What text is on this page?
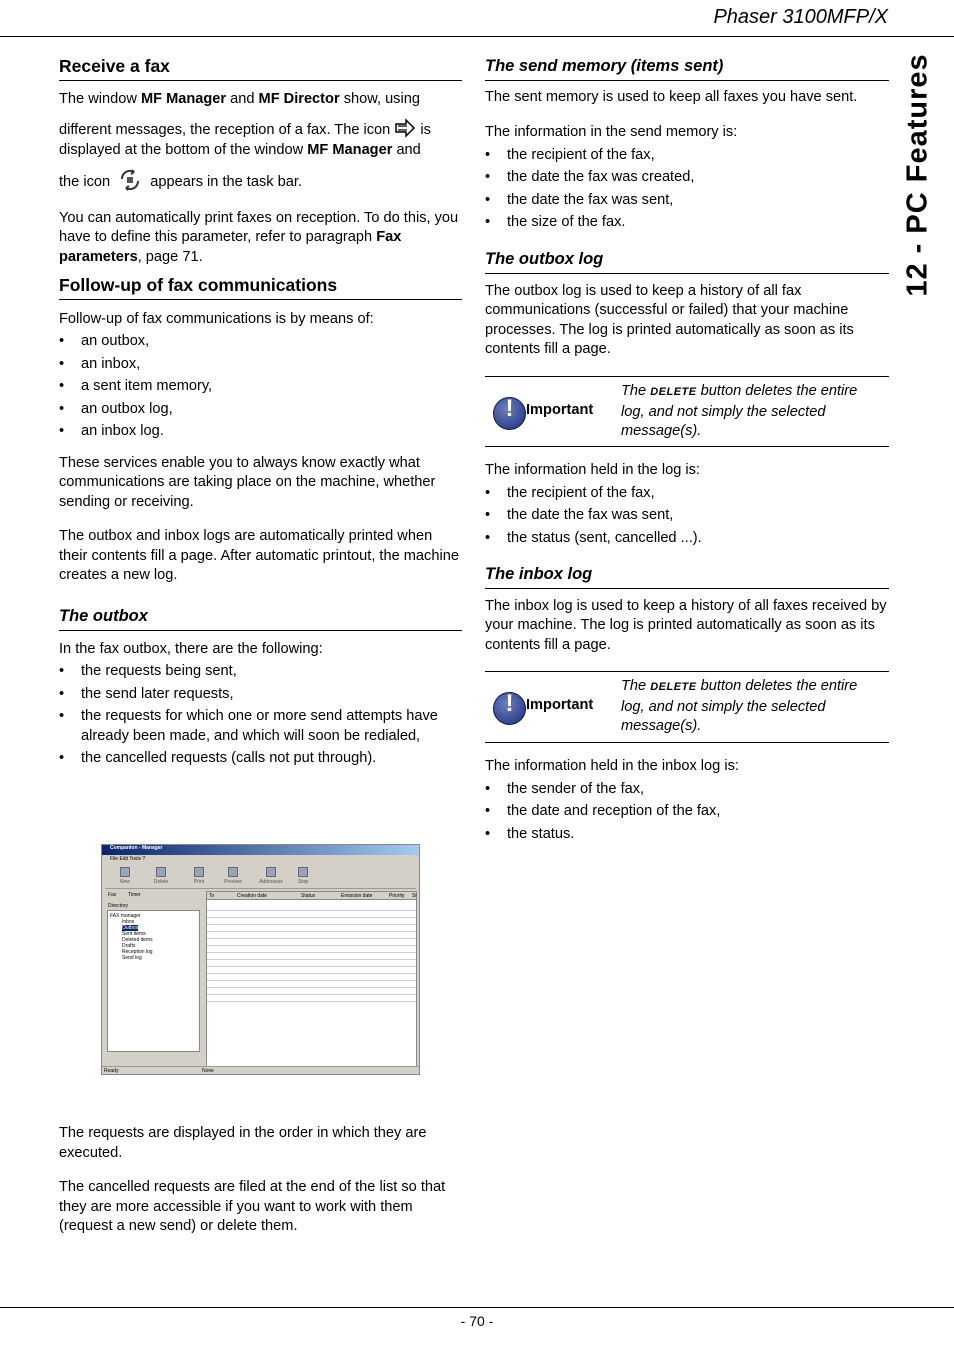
Phaser 3100MFP/X
12 - PC Features
Receive a fax

The window MF Manager and MF Director show, using

different messages, the reception of a fax. The icon is
displayed at the bottom of the window MF Manager and

the icon	appears in the task bar.

You can automatically print faxes on reception. To do this, you have to define this parameter, refer to paragraph Fax parameters, page 71.

Follow-up of fax communications

Follow-up of fax communications is by means of:

• an outbox,
• an inbox,
• a sent item memory,
• an outbox log,
• an inbox log.

These services enable you to always know exactly what communications are taking place on the machine, whether sending or receiving.

The outbox and inbox logs are automatically printed when their contents fill a page. After automatic printout, the machine creates a new log.

The outbox

In the fax outbox, there are the following:

• the requests being sent,
• the send later requests,
• the requests for which one or more send attempts have already been made, and which will soon be redialed,
• the cancelled requests (calls not put through).
Companion - Manager
File Edit Tools ?
New	Delete	Print	Preview	Addresses	Stop
Fax Timer
Directory
FAX manager
Inbox
Outbox
Sent items
Deleted items
Drafts
Reception log
Send log
To	Creation date	Status	Emission date	Priority Si
Ready	None

The requests are displayed in the order in which they are executed.

The cancelled requests are filed at the end of the list so that they are more accessible if you want to work with them (request a new send) or delete them.

The send memory (items sent)

The sent memory is used to keep all faxes you have sent.

The information in the send memory is:

• the recipient of the fax,
• the date the fax was created,
• the date the fax was sent,
• the size of the fax.
The outbox log

The outbox log is used to keep a history of all fax communications (successful or failed) that your machine processes. The log is printed automatically as soon as its contents fill a page.

!
Important
The DELETE button deletes the entire log, and not simply the selected message(s).

The information held in the log is:

• the recipient of the fax,
• the date the fax was sent,
• the status (sent, cancelled ...).
The inbox log

The inbox log is used to keep a history of all faxes received by your machine. The log is printed automatically as soon as its contents fill a page.

!
Important
The DELETE button deletes the entire log, and not simply the selected message(s).

The information held in the inbox log is:

• the sender of the fax,
• the date and reception of the fax,
• the status.
- 70 -
